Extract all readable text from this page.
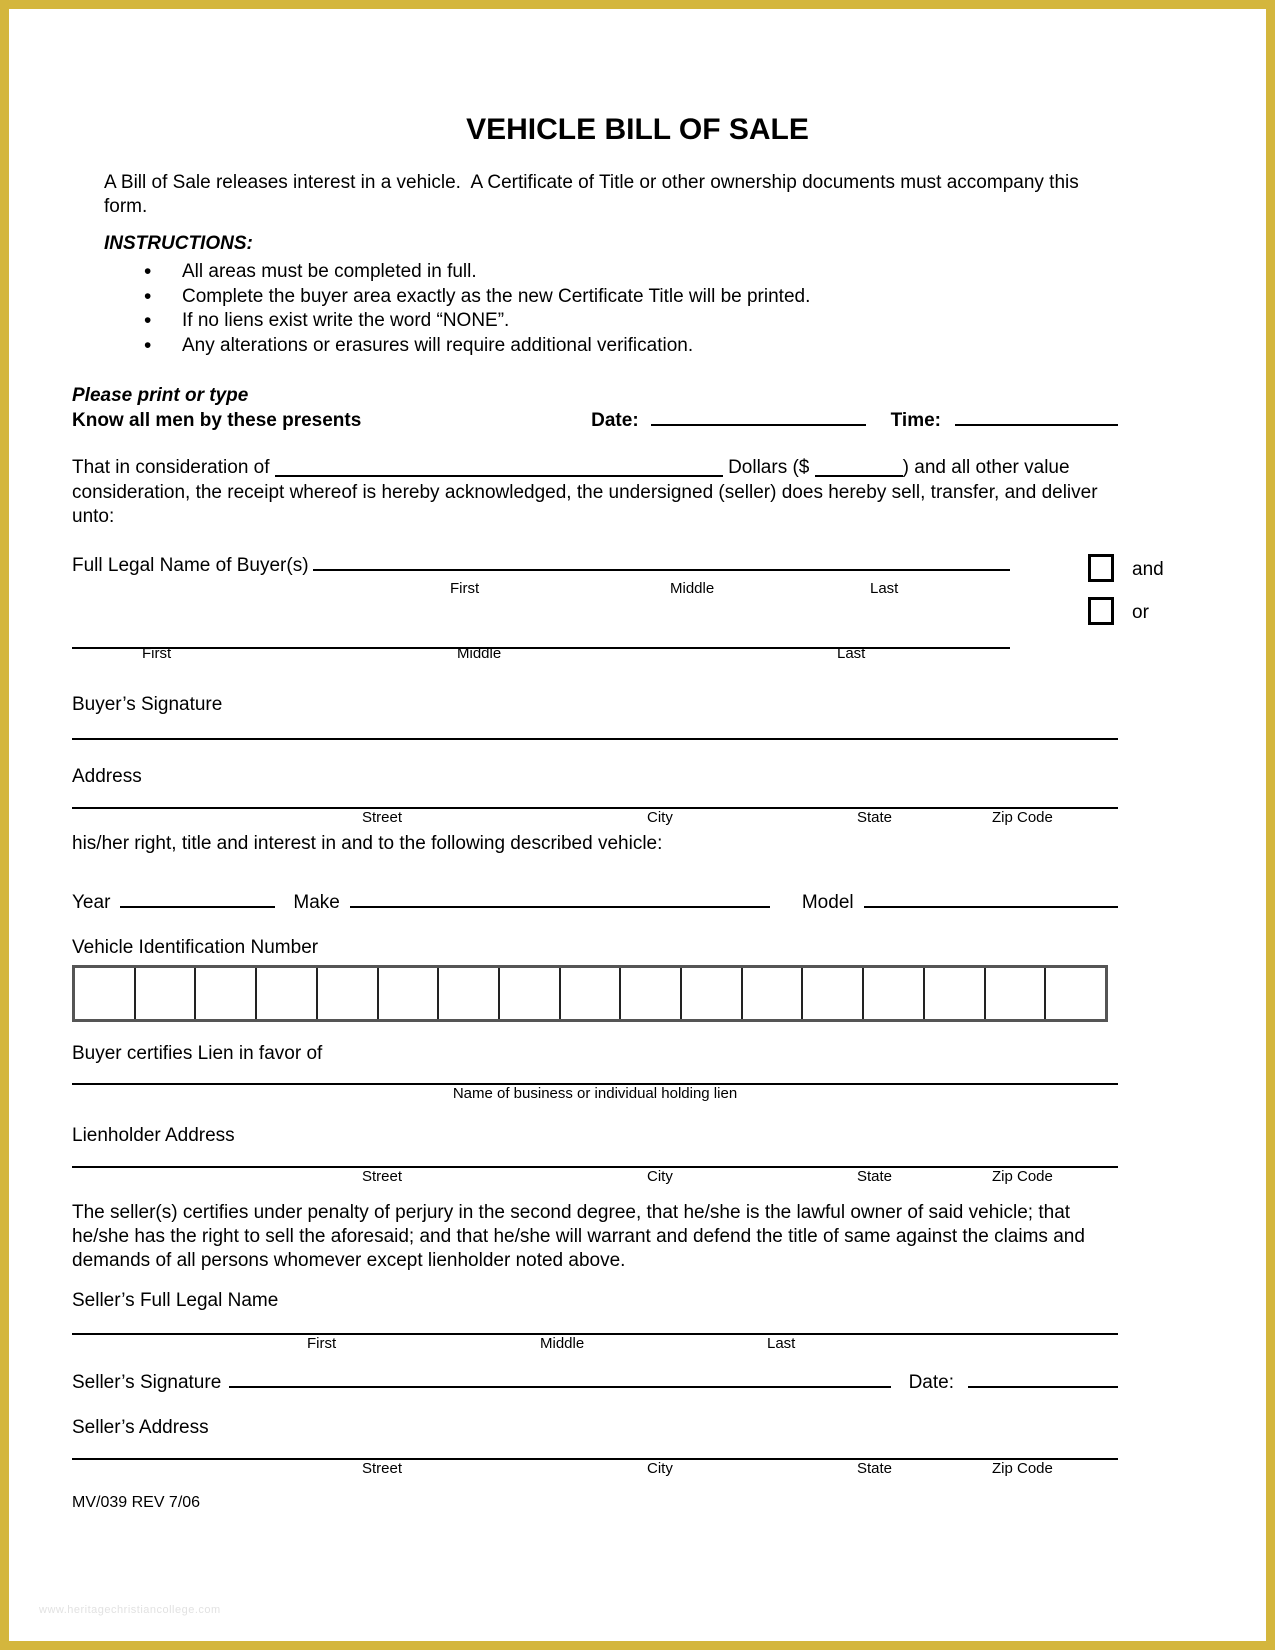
VEHICLE BILL OF SALE

A Bill of Sale releases interest in a vehicle.  A Certificate of Title or other ownership documents must accompany this form.

INSTRUCTIONS:
• All areas must be completed in full.
• Complete the buyer area exactly as the new Certificate Title will be printed.
• If no liens exist write the word “NONE”.
• Any alterations or erasures will require additional verification.
Please print or type
Know all men by these presents	Date:	Time:

That in consideration of	Dollars ($	) and all other value consideration, the receipt whereof is hereby acknowledged, the undersigned (seller) does hereby sell, transfer, and deliver unto:

Full Legal Name of Buyer(s)
First	Middle	Last
First	Middle	Last
and
or
Buyer’s Signature
Address
Street	City	State	Zip Code

his/her right, title and interest in and to the following described vehicle:

Year	Make	Model
Vehicle Identification Number
Buyer certifies Lien in favor of
Name of business or individual holding lien
Lienholder Address
Street	City	State	Zip Code

The seller(s) certifies under penalty of perjury in the second degree, that he/she is the lawful owner of said vehicle; that he/she has the right to sell the aforesaid; and that he/she will warrant and defend the title of same against the claims and demands of all persons whomever except lienholder noted above.

Seller’s Full Legal Name
First	Middle	Last
Seller’s Signature	Date:
Seller’s Address
Street	City	State	Zip Code
MV/039 REV 7/06
www.heritagechristiancollege.com
